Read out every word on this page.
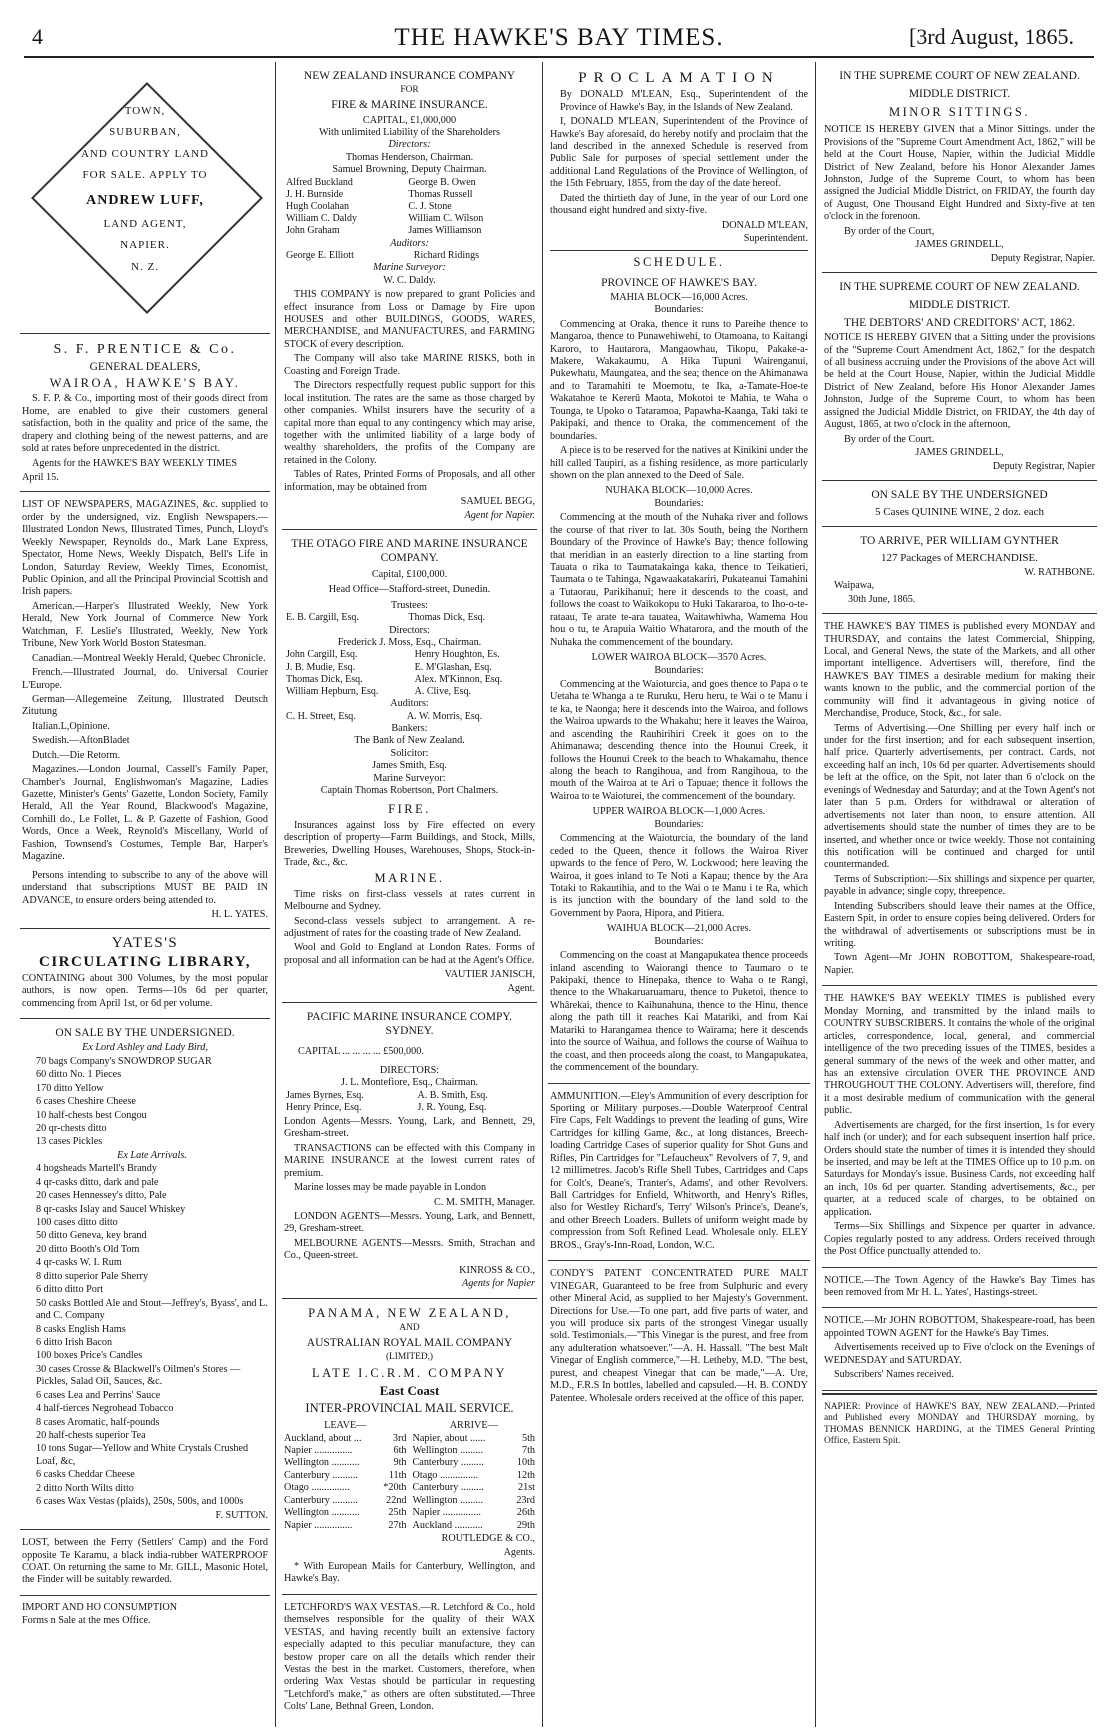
4	THE HAWKE'S BAY TIMES.	[3rd August, 1865.
TOWN,
SUBURBAN,
AND COUNTRY LAND
FOR SALE. APPLY TO
ANDREW LUFF,
LAND AGENT,
NAPIER.
N. Z.
S. F. PRENTICE & Co.
GENERAL DEALERS,
WAIROA, HAWKE'S BAY.

S. F. P. & Co., importing most of their goods direct from Home, are enabled to give their customers general satisfaction, both in the quality and price of the same, the drapery and clothing being of the newest patterns, and are sold at rates before unprecedented in the district.

Agents for the HAWKE'S BAY WEEKLY TIMES

April 15.

LIST OF NEWSPAPERS, MAGAZINES, &c. supplied to order by the undersigned, viz. English Newspapers.—Illustrated London News, Illustrated Times, Punch, Lloyd's Weekly Newspaper, Reynolds do., Mark Lane Express, Spectator, Home News, Weekly Dispatch, Bell's Life in London, Saturday Review, Weekly Times, Economist, Public Opinion, and all the Principal Provincial Scottish and Irish papers.

American.—Harper's Illustrated Weekly, New York Herald, New York Journal of Commerce New York Watchman, F. Leslie's Illustrated, Weekly, New York Tribune, New York World Boston Statesman.

Canadian.—Montreal Weekly Herald, Quebec Chronicle.

French.—Illustrated Journal, do. Universal Courier L'Europe.

German—Allegemeine Zeitung, Illustrated Deutsch Zitutung

Italian.L,Opinione.

Swedish.—AftonBladet

Dutch.—Die Retorm.

Magazines.—London Journal, Cassell's Family Paper, Chamber's Journal, Englishwoman's Magazine, Ladies Gazette, Minister's Gents' Gazette, London Society, Family Herald, All the Year Round, Blackwood's Magazine, Cornhill do., Le Follet, L. & P. Gazette of Fashion, Good Words, Once a Week, Reynold's Miscellany, World of Fashion, Townsend's Costumes, Temple Bar, Harper's Magazine.

Persons intending to subscribe to any of the above will understand that subscriptions MUST BE PAID IN ADVANCE, to ensure orders being attended to.

H. L. YATES.

YATES'S
CIRCULATING LIBRARY,

CONTAINING about 300 Volumes, by the most popular authors, is now open. Terms—10s 6d per quarter, commencing from April 1st, or 6d per volume.

ON SALE BY THE UNDERSIGNED.

Ex Lord Ashley and Lady Bird,

70 bags Company's SNOWDROP SUGAR

60 ditto No. 1 Pieces

170 ditto Yellow

6 cases Cheshire Cheese

10 half-chests best Congou

20 qr-chests ditto

13 cases Pickles

Ex Late Arrivals.

4 hogsheads Martell's Brandy

4 qr-casks ditto, dark and pale

20 cases Hennessey's ditto, Pale

8 qr-casks Islay and Saucel Whiskey

100 cases ditto ditto

50 ditto Geneva, key brand

20 ditto Booth's Old Tom

4 qr-casks W. I. Rum

8 ditto superior Pale Sherry

6 ditto ditto Port

50 casks Bottled Ale and Stout—Jeffrey's, Byass', and L. and C. Company

8 casks English Hams

6 ditto Irish Bacon

100 boxes Price's Candles

30 cases Crosse & Blackwell's Oilmen's Stores —Pickles, Salad Oil, Sauces, &c.

6 cases Lea and Perrins' Sauce

4 half-tierces Negrohead Tobacco

8 cases Aromatic, half-pounds

20 half-chests superior Tea

10 tons Sugar—Yellow and White Crystals Crushed Loaf, &c,

6 casks Cheddar Cheese

2 ditto North Wilts ditto

6 cases Wax Vestas (plaids), 250s, 500s, and 1000s

F. SUTTON.

LOST, between the Ferry (Settlers' Camp) and the Ford opposite Te Karamu, a black india-rubber WATERPROOF COAT. On returning the same to Mr. GILL, Masonic Hotel, the Finder will be suitably rewarded.

IMPORT AND HO CONSUMPTION

Forms n Sale at the mes Office.

NEW ZEALAND INSURANCE COMPANY
FOR
FIRE & MARINE INSURANCE.
CAPITAL, £1,000,000
With unlimited Liability of the Shareholders
Directors:
Thomas Henderson, Chairman.
Samuel Browning, Deputy Chairman.
Alfred Buckland	George B. Owen
J. H. Burnside	Thomas Russell
Hugh Coolahan	C. J. Stone
William C. Daldy	William C. Wilson
John Graham	James Williamson
Auditors:
George E. Elliott	Richard Ridings
Marine Surveyor:
W. C. Daldy.

THIS COMPANY is now prepared to grant Policies and effect insurance from Loss or Damage by Fire upon HOUSES and other BUILDINGS, GOODS, WARES, MERCHANDISE, and MANUFACTURES, and FARMING STOCK of every description.

The Company will also take MARINE RISKS, both in Coasting and Foreign Trade.

The Directors respectfully request public support for this local institution. The rates are the same as those charged by other companies. Whilst insurers have the security of a capital more than equal to any contingency which may arise, together with the unlimited liability of a large body of wealthy shareholders, the profits of the Company are retained in the Colony.

Tables of Rates, Printed Forms of Proposals, and all other information, may be obtained from

SAMUEL BEGG,

Agent for Napier.

THE OTAGO FIRE AND MARINE INSURANCE COMPANY.
Capital, £100,000.
Head Office—Stafford-street, Dunedin.
Trustees:
E. B. Cargill, Esq.	Thomas Dick, Esq.
Directors:
Frederick J. Moss, Esq., Chairman.
John Cargill, Esq.	Henry Houghton, Es.
J. B. Mudie, Esq.	E. M'Glashan, Esq.
Thomas Dick, Esq.	Alex. M'Kinnon, Esq.
William Hepburn, Esq.	A. Clive, Esq.
Auditors:
C. H. Street, Esq.	A. W. Morris, Esq.
Bankers:
The Bank of New Zealand.
Solicitor:
James Smith, Esq.
Marine Surveyor:
Captain Thomas Robertson, Port Chalmers.
FIRE.

Insurances against loss by Fire effected on every description of property—Farm Buildings, and Stock, Mills, Breweries, Dwelling Houses, Warehouses, Shops, Stock-in-Trade, &c., &c.

MARINE.

Time risks on first-class vessels at rates current in Melbourne and Sydney.

Second-class vessels subject to arrangement. A re-adjustment of rates for the coasting trade of New Zealand.

Wool and Gold to England at London Rates. Forms of proposal and all information can be had at the Agent's Office.

VAUTIER JANISCH,

Agent.

PACIFIC MARINE INSURANCE COMPY. SYDNEY.
CAPITAL ... ... ... ... £500,000.
DIRECTORS:
J. L. Montefiore, Esq., Chairman.
James Byrnes, Esq.	A. B. Smith, Esq.
Henry Prince, Esq.	J. R. Young, Esq.

London Agents—Messrs. Young, Lark, and Bennett, 29, Gresham-street.

TRANSACTIONS can be effected with this Company in MARINE INSURANCE at the lowest current rates of premium.

Marine losses may be made payable in London

C. M. SMITH, Manager.

LONDON AGENTS—Messrs. Young, Lark, and Bennett, 29, Gresham-street.

MELBOURNE AGENTS—Messrs. Smith, Strachan and Co., Queen-street.

KINROSS & CO.,

Agents for Napier

PANAMA, NEW ZEALAND,
AND
AUSTRALIAN ROYAL MAIL COMPANY
(LIMITED,)
LATE I.C.R.M. COMPANY
East Coast
INTER-PROVINCIAL MAIL SERVICE.
LEAVE—
Auckland, about ...	3rd
Napier ...............	6th
Wellington ...........	9th
Canterbury ..........	11th
Otago ...............	*20th
Canterbury ..........	22nd
Wellington ...........	25th
Napier ...............	27th
ARRIVE—
Napier, about ......	5th
Wellington .........	7th
Canterbury .........	10th
Otago ...............	12th
Canterbury .........	21st
Wellington .........	23rd
Napier ...............	26th
Auckland ...........	29th

ROUTLEDGE & CO.,

Agents.

* With European Mails for Canterbury, Wellington, and Hawke's Bay.

LETCHFORD'S WAX VESTAS.—R. Letchford & Co., hold themselves responsible for the quality of their WAX VESTAS, and having recently built an extensive factory especially adapted to this peculiar manufacture, they can bestow proper care on all the details which render their Vestas the best in the market. Customers, therefore, when ordering Wax Vestas should be particular in requesting "Letchford's make," as others are often substituted.—Three Colts' Lane, Bethnal Green, London.

PROCLAMATION

By DONALD M'LEAN, Esq., Superintendent of the Province of Hawke's Bay, in the Islands of New Zealand.

I, DONALD M'LEAN, Superintendent of the Province of Hawke's Bay aforesaid, do hereby notify and proclaim that the land described in the annexed Schedule is reserved from Public Sale for purposes of special settlement under the additional Land Regulations of the Province of Wellington, of the 15th February, 1855, from the day of the date hereof.

Dated the thirtieth day of June, in the year of our Lord one thousand eight hundred and sixty-five.

DONALD M'LEAN,

Superintendent.

SCHEDULE.
PROVINCE OF HAWKE'S BAY.
MAHIA BLOCK—16,000 Acres.
Boundaries:

Commencing at Oraka, thence it runs to Pareihe thence to Mangaroa, thence to Punawehiwehi, to Otamoana, to Kaitangi Karoro, to Hautarora, Mangaowhau, Tikopu, Pakake-a-Makere, Wakakaumu, A Hika Tupuni Wairenganui, Pukewhatu, Maungatea, and the sea; thence on the Ahimanawa and to Taramahiti te Moemotu, te Ika, a-Tamate-Hoe-te Wakatahoe te Kererū Maota, Mokotoi te Mahia, te Waha o Tounga, te Upoko o Tataramoa, Papawha-Kaanga, Taki taki te Pakipaki, and thence to Oraka, the commencement of the boundaries.

A piece is to be reserved for the natives at Kinikini under the hill called Taupiri, as a fishing residence, as more particularly shown on the plan annexed to the Deed of Sale.

NUHAKA BLOCK—10,000 Acres.
Boundaries:

Commencing at the mouth of the Nuhaka river and follows the course of that river to lat. 30s South, being the Northern Boundary of the Province of Hawke's Bay; thence following that meridian in an easterly direction to a line starting from Tauata o rika to Taumatakainga kaka, thence to Teikatieri, Taumata o te Tahinga, Ngawaakatakariri, Pukateanui Tamahini a Tutaorau, Parikihanui; here it descends to the coast, and follows the coast to Waikokopu to Huki Takararoa, to Iho-o-te-rataau, Te arate te-ara tauatea, Waitawhiwha, Wamema Hou hou o tu, te Arapuia Waitio Whatarora, and the mouth of the Nuhaka the commencement of the boundary.

LOWER WAIROA BLOCK—3570 Acres.
Boundaries:

Commencing at the Waioturcia, and goes thence to Papa o te Uetaha te Whanga a te Ruruku, Heru heru, te Wai o te Manu i te ka, te Naonga; here it descends into the Wairoa, and follows the Wairoa upwards to the Whakahu; here it leaves the Wairoa, and ascending the Rauhirihiri Creek it goes on to the Ahimanawa; descending thence into the Hounui Creek, it follows the Hounui Creek to the beach to Whakamahu, thence along the beach to Rangihoua, and from Rangihoua, to the mouth of the Wairoa at te Ari o Tapuae; thence it follows the Wairoa to te Waioturei, the commencement of the boundary.

UPPER WAIROA BLOCK—1,000 Acres.
Boundaries:

Commencing at the Waioturcia, the boundary of the land ceded to the Queen, thence it follows the Wairoa River upwards to the fence of Pero, W. Lockwood; here leaving the Wairoa, it goes inland to Te Noti a Kapau; thence by the Ara Totaki to Rakautihia, and to the Wai o te Manu i te Ra, which is its junction with the boundary of the land sold to the Government by Paora, Hipora, and Pitiera.

WAIHUA BLOCK—21,000 Acres.
Boundaries:

Commencing on the coast at Mangapukatea thence proceeds inland ascending to Waiorangi thence to Taumaro o te Pakipaki, thence to Hinepaka, thence to Waha o te Rangi, thence to the Whakaruaruamaru, thence to Puketoi, thence to Whārekai, thence to Kaihunahuna, thence to the Hinu, thence along the path till it reaches Kai Matariki, and from Kai Matariki to Harangamea thence to Wairama; here it descends into the source of Waihua, and follows the course of Waihua to the coast, and then proceeds along the coast, to Mangapukatea, the commencement of the boundary.

AMMUNITION.—Eley's Ammunition of every description for Sporting or Military purposes.—Double Waterproof Central Fire Caps, Felt Waddings to prevent the leading of guns, Wire Cartridges for killing Game, &c., at long distances, Breech-loading Cartridge Cases of superior quality for Shot Guns and Rifles, Pin Cartridges for "Lefaucheux" Revolvers of 7, 9, and 12 millimetres. Jacob's Rifle Shell Tubes, Cartridges and Caps for Colt's, Deane's, Tranter's, Adams', and other Revolvers. Ball Cartridges for Enfield, Whitworth, and Henry's Rifles, also for Westley Richard's, Terry' Wilson's Prince's, Deane's, and other Breech Loaders. Bullets of uniform weight made by compression from Soft Refined Lead. Wholesale only. ELEY BROS., Gray's-Inn-Road, London, W.C.

CONDY'S PATENT CONCENTRATED PURE MALT VINEGAR, Guaranteed to be free from Sulphuric and every other Mineral Acid, as supplied to her Majesty's Government. Directions for Use.—To one part, add five parts of water, and you will produce six parts of the strongest Vinegar usually sold. Testimonials.—"This Vinegar is the purest, and free from any adulteration whatsoever."—A. H. Hassall. "The best Malt Vinegar of English commerce,"—H. Letheby, M.D. "The best, purest, and cheapest Vinegar that can be made,"—A. Ure, M.D., F.R.S In bottles, labelled and capsuled.—H. B. CONDY Patentee. Wholesale orders received at the office of this paper.

IN THE SUPREME COURT OF NEW ZEALAND.
MIDDLE DISTRICT.
MINOR SITTINGS.

NOTICE IS HEREBY GIVEN that a Minor Sittings. under the Provisions of the "Supreme Court Amendment Act, 1862," will be held at the Court House, Napier, within the Judicial Middle District of New Zealand, before his Honor Alexander James Johnston, Judge of the Supreme Court, to whom has been assigned the Judicial Middle District, on FRIDAY, the fourth day of August, One Thousand Eight Hundred and Sixty-five at ten o'clock in the forenoon.

By order of the Court,

JAMES GRINDELL,

Deputy Registrar, Napier.

IN THE SUPREME COURT OF NEW ZEALAND.
MIDDLE DISTRICT.
THE DEBTORS' AND CREDITORS' ACT, 1862.

NOTICE IS HEREBY GIVEN that a Sitting under the provisions of the "Supreme Court Amendment Act, 1862," for the despatch of all business accruing under the Provisions of the above Act will be held at the Court House, Napier, within the Judicial Middle District of New Zealand, before His Honor Alexander James Johnston, Judge of the Supreme Court, to whom has been assigned the Judicial Middle District, on FRIDAY, the 4th day of August, 1865, at two o'clock in the afternoon,

By order of the Court.

JAMES GRINDELL,

Deputy Registrar, Napier

ON SALE BY THE UNDERSIGNED

5 Cases QUININE WINE, 2 doz. each

TO ARRIVE, PER WILLIAM GYNTHER

127 Packages of MERCHANDISE.

W. RATHBONE.

Waipawa,

30th June, 1865.

THE HAWKE'S BAY TIMES is published every MONDAY and THURSDAY, and contains the latest Commercial, Shipping, Local, and General News, the state of the Markets, and all other important intelligence. Advertisers will, therefore, find the HAWKE'S BAY TIMES a desirable medium for making their wants known to the public, and the commercial portion of the community will find it advantageous in giving notice of Merchandise, Produce, Stock, &c., for sale.

Terms of Advertising.—One Shilling per every half inch or under for the first insertion; and for each subsequent insertion, half price. Quarterly advertisements, per contract. Cards, not exceeding half an inch, 10s 6d per quarter. Advertisements should be left at the office, on the Spit, not later than 6 o'clock on the evenings of Wednesday and Saturday; and at the Town Agent's not later than 5 p.m. Orders for withdrawal or alteration of advertisements not later than noon, to ensure attention. All advertisements should state the number of times they are to be inserted, and whether once or twice weekly. Those not containing this notification will be continued and charged for until countermanded.

Terms of Subscription:—Six shillings and sixpence per quarter, payable in advance; single copy, threepence.

Intending Subscribers should leave their names at the Office, Eastern Spit, in order to ensure copies being delivered. Orders for the withdrawal of advertisements or subscriptions must be in writing.

Town Agent—Mr JOHN ROBOTTOM, Shakespeare-road, Napier.

THE HAWKE'S BAY WEEKLY TIMES is published every Monday Morning, and transmitted by the inland mails to COUNTRY SUBSCRIBERS. It contains the whole of the original articles, correspondence, local, general, and commercial intelligence of the two preceding issues of the TIMES, besides a general summary of the news of the week and other matter, and has an extensive circulation OVER THE PROVINCE AND THROUGHOUT THE COLONY. Advertisers will, therefore, find it a most desirable medium of communication with the general public.

Advertisements are charged, for the first insertion, 1s for every half inch (or under); and for each subsequent insertion half price. Orders should state the number of times it is intended they should be inserted, and may be left at the TIMES Office up to 10 p.m. on Saturdays for Monday's issue. Business Cards, not exceeding half an inch, 10s 6d per quarter. Standing advertisements, &c., per quarter, at a reduced scale of charges, to be obtained on application.

Terms—Six Shillings and Sixpence per quarter in advance. Copies regularly posted to any address. Orders received through the Post Office punctually attended to.

NOTICE.—The Town Agency of the Hawke's Bay Times has been removed from Mr H. L. Yates', Hastings-street.

NOTICE.—Mr JOHN ROBOTTOM, Shakespeare-road, has been appointed TOWN AGENT for the Hawke's Bay Times.

Advertisements received up to Five o'clock on the Evenings of WEDNESDAY and SATURDAY.

Subscribers' Names received.

NAPIER: Province of HAWKE'S BAY, NEW ZEALAND.—Printed and Published every MONDAY and THURSDAY morning, by THOMAS BENNICK HARDING, at the TIMES General Printing Office, Eastern Spit.
